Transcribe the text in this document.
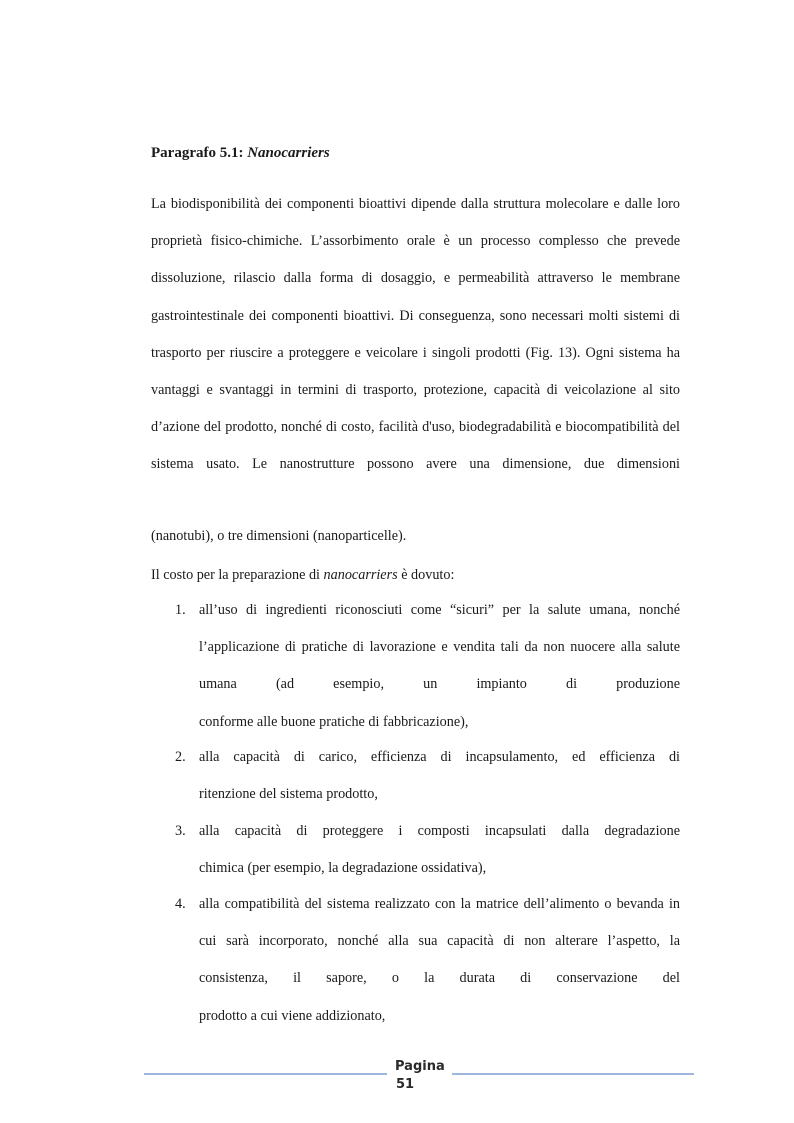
Paragrafo 5.1: Nanocarriers

La biodisponibilità dei componenti bioattivi dipende dalla struttura molecolare e dalle loro proprietà fisico-chimiche. L’assorbimento orale è un processo complesso che prevede dissoluzione, rilascio dalla forma di dosaggio, e permeabilità attraverso le membrane gastrointestinale dei componenti bioattivi. Di conseguenza, sono necessari molti sistemi di trasporto per riuscire a proteggere e veicolare i singoli prodotti (Fig. 13). Ogni sistema ha vantaggi e svantaggi in termini di trasporto, protezione, capacità di veicolazione al sito d’azione del prodotto, nonché di costo, facilità d'uso, biodegradabilità e biocompatibilità del sistema usato. Le nanostrutture possono avere una dimensione, due dimensioni

(nanotubi), o tre dimensioni (nanoparticelle).

Il costo per la preparazione di nanocarriers è dovuto:
1. all’uso di ingredienti riconosciuti come “sicuri” per la salute umana, nonché l’applicazione di pratiche di lavorazione e vendita tali da non nuocere alla salute umana (ad esempio, un impianto di produzione

conforme alle buone pratiche di fabbricazione),

2. alla capacità di carico, efficienza di incapsulamento, ed efficienza di

ritenzione del sistema prodotto,

3. alla capacità di proteggere i composti incapsulati dalla degradazione

chimica (per esempio, la degradazione ossidativa),

4. alla compatibilità del sistema realizzato con la matrice dell’alimento o bevanda in cui sarà incorporato, nonché alla sua capacità di non alterare l’aspetto, la consistenza, il sapore, o la durata di conservazione del

prodotto a cui viene addizionato,

Pagina
51
